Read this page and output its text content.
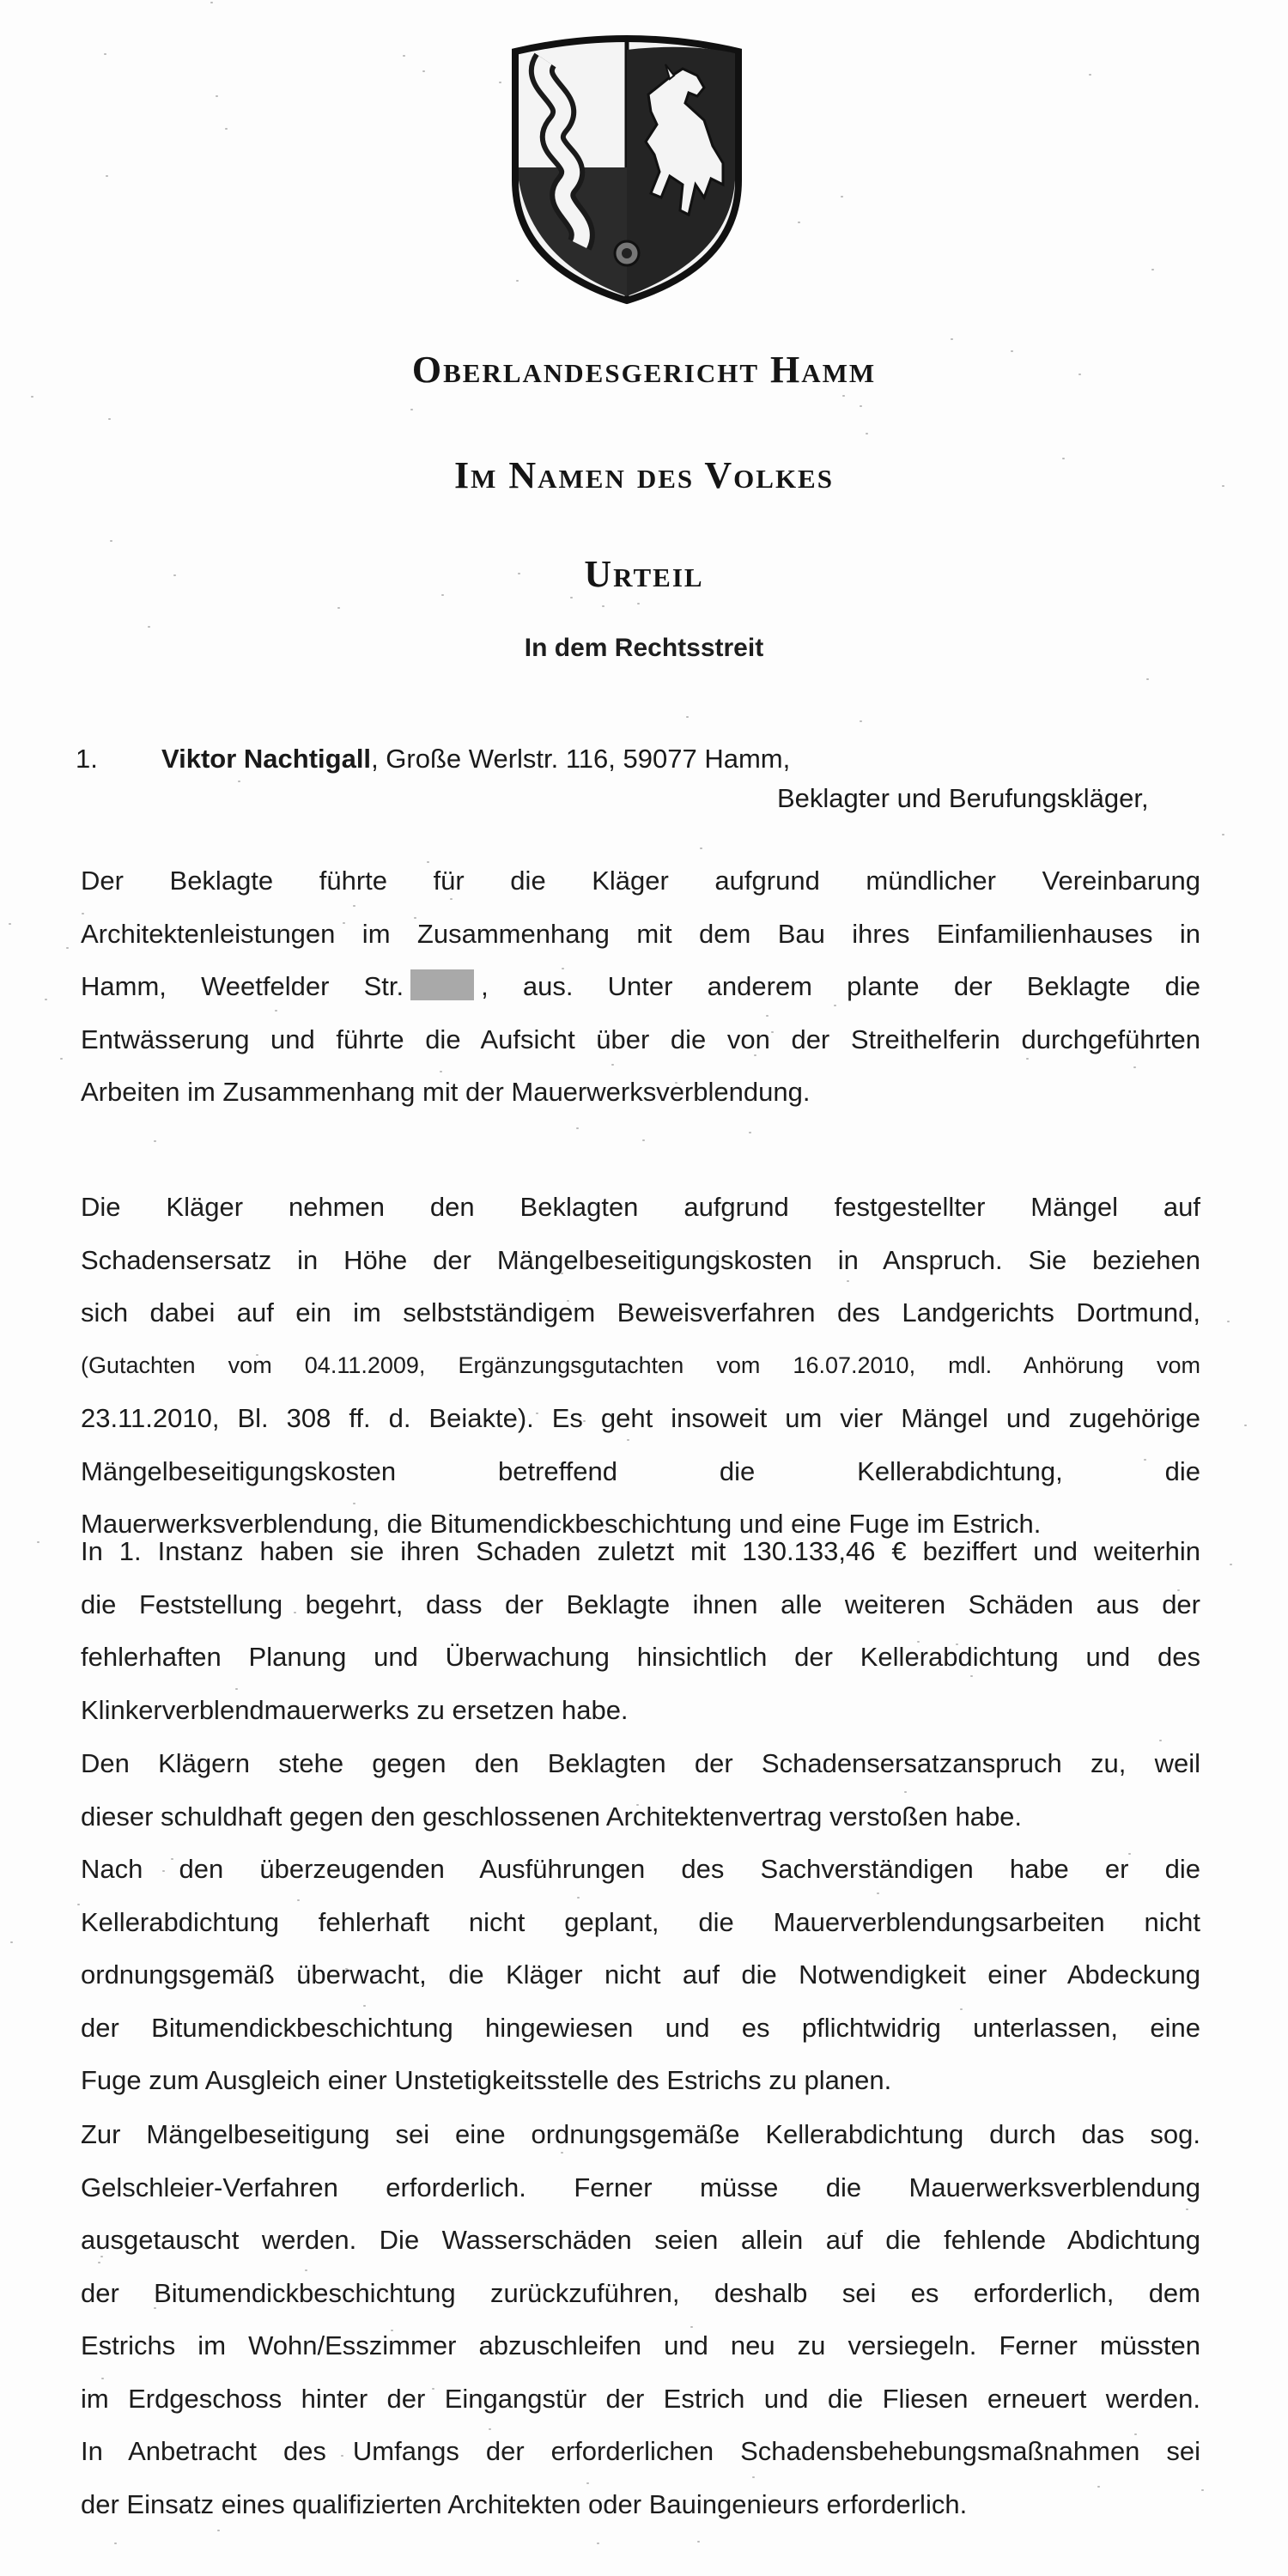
Oberlandesgericht Hamm
Im Namen des Volkes
Urteil
In dem Rechtsstreit
1. Viktor Nachtigall, Große Werlstr. 116, 59077 Hamm,
Beklagter und Berufungskläger,
Der Beklagte führte für die Kläger aufgrund mündlicher Vereinbarung
Architektenleistungen im Zusammenhang mit dem Bau ihres Einfamilienhauses in
Hamm, Weetfelder Str.	, aus. Unter anderem plante der Beklagte die
Entwässerung und führte die Aufsicht über die von der Streithelferin durchgeführten
Arbeiten im Zusammenhang mit der Mauerwerksverblendung.
Die Kläger nehmen den Beklagten aufgrund festgestellter Mängel auf
Schadensersatz in Höhe der Mängelbeseitigungskosten in Anspruch. Sie beziehen
sich dabei auf ein im selbstständigem Beweisverfahren des Landgerichts Dortmund,
(Gutachten vom 04.11.2009, Ergänzungsgutachten vom 16.07.2010, mdl. Anhörung vom
23.11.2010, Bl. 308 ff. d. Beiakte). Es geht insoweit um vier Mängel und zugehörige
Mängelbeseitigungskosten betreffend die Kellerabdichtung, die
Mauerwerksverblendung, die Bitumendickbeschichtung und eine Fuge im Estrich.
In 1. Instanz haben sie ihren Schaden zuletzt mit 130.133,46 € beziffert und weiterhin
die Feststellung begehrt, dass der Beklagte ihnen alle weiteren Schäden aus der
fehlerhaften Planung und Überwachung hinsichtlich der Kellerabdichtung und des
Klinkerverblendmauerwerks zu ersetzen habe.
Den Klägern stehe gegen den Beklagten der Schadensersatzanspruch zu, weil
dieser schuldhaft gegen den geschlossenen Architektenvertrag verstoßen habe.
Nach den überzeugenden Ausführungen des Sachverständigen habe er die
Kellerabdichtung fehlerhaft nicht geplant, die Mauerverblendungsarbeiten nicht
ordnungsgemäß überwacht, die Kläger nicht auf die Notwendigkeit einer Abdeckung
der Bitumendickbeschichtung hingewiesen und es pflichtwidrig unterlassen, eine
Fuge zum Ausgleich einer Unstetigkeitsstelle des Estrichs zu planen.
Zur Mängelbeseitigung sei eine ordnungsgemäße Kellerabdichtung durch das sog.
Gelschleier-Verfahren erforderlich. Ferner müsse die Mauerwerksverblendung
ausgetauscht werden. Die Wasserschäden seien allein auf die fehlende Abdichtung
der Bitumendickbeschichtung zurückzuführen, deshalb sei es erforderlich, dem
Estrichs im Wohn/Esszimmer abzuschleifen und neu zu versiegeln. Ferner müssten
im Erdgeschoss hinter der Eingangstür der Estrich und die Fliesen erneuert werden.
In Anbetracht des Umfangs der erforderlichen Schadensbehebungsmaßnahmen sei
der Einsatz eines qualifizierten Architekten oder Bauingenieurs erforderlich.
